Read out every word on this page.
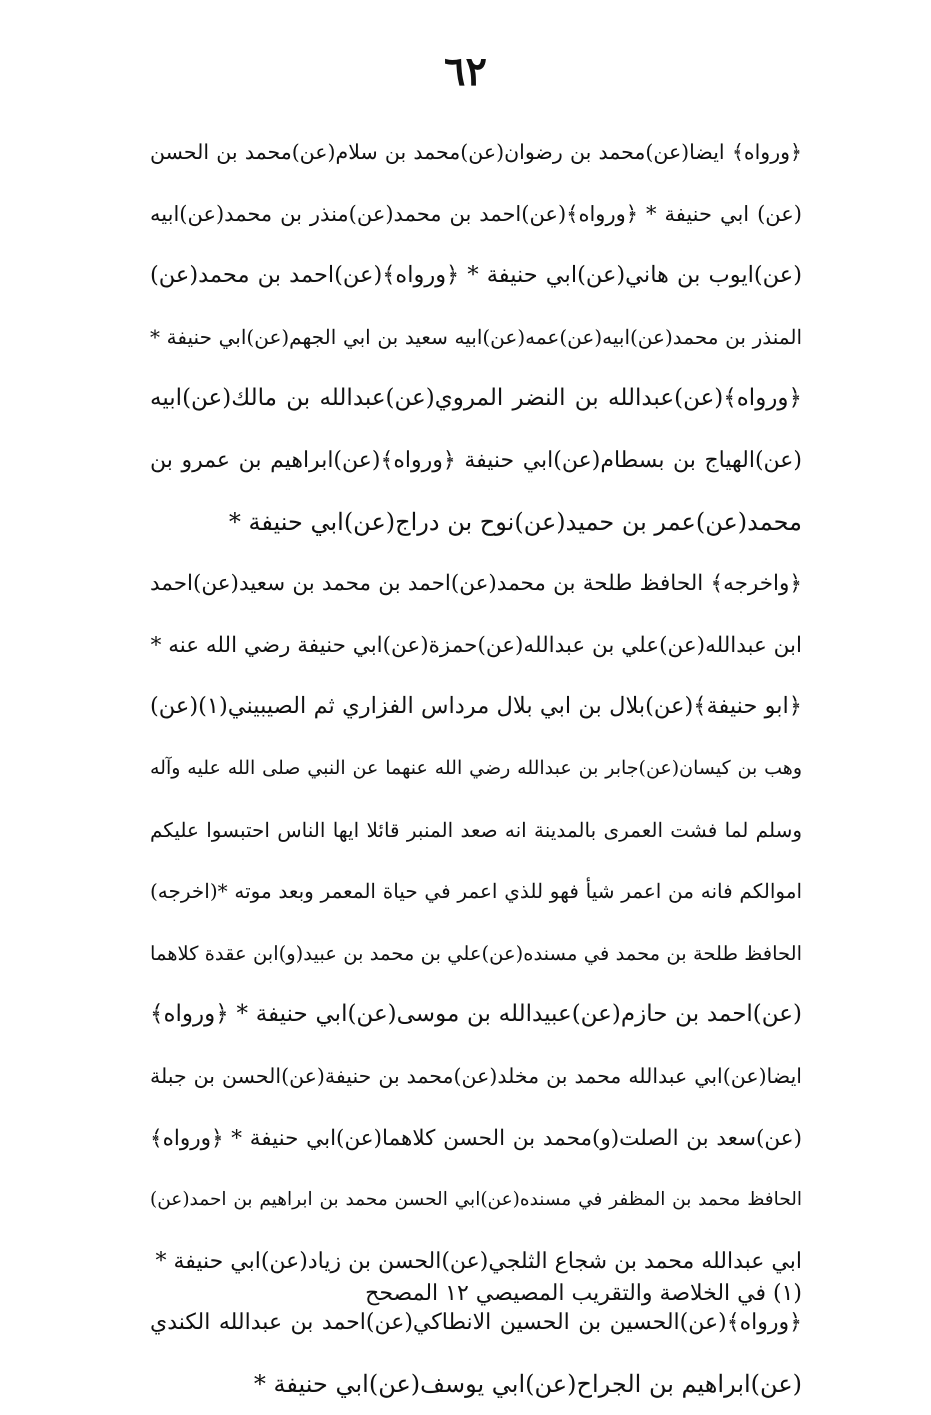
٦٢
﴿ورواه﴾ ايضا(عن)محمد بن رضوان(عن)محمد بن سلام(عن)محمد بن الحسن
(عن) ابي حنيفة * ﴿ورواه﴾(عن)احمد بن محمد(عن)منذر بن محمد(عن)ابيه
(عن)ايوب بن هاني(عن)ابي حنيفة * ﴿ورواه﴾(عن)احمد بن محمد(عن)
المنذر بن محمد(عن)ابيه(عن)عمه(عن)ابيه سعيد بن ابي الجهم(عن)ابي حنيفة *
﴿ورواه﴾(عن)عبدالله بن النضر المروي(عن)عبدالله بن مالك(عن)ابيه
(عن)الهياج بن بسطام(عن)ابي حنيفة ﴿ورواه﴾(عن)ابراهيم بن عمرو بن
محمد(عن)عمر بن حميد(عن)نوح بن دراج(عن)ابي حنيفة *
﴿واخرجه﴾ الحافظ طلحة بن محمد(عن)احمد بن محمد بن سعيد(عن)احمد
ابن عبدالله(عن)علي بن عبدالله(عن)حمزة(عن)ابي حنيفة رضي الله عنه *
﴿ابو حنيفة﴾(عن)بلال بن ابي بلال مرداس الفزاري ثم الصيبيني(١)(عن)
وهب بن كيسان(عن)جابر بن عبدالله رضي الله عنهما عن النبي صلى الله عليه وآله
وسلم لما فشت العمرى بالمدينة انه صعد المنبر قائلا ايها الناس احتبسوا عليكم
اموالكم فانه من اعمر شيأ فهو للذي اعمر في حياة المعمر وبعد موته *(اخرجه)
الحافظ طلحة بن محمد في مسنده(عن)علي بن محمد بن عبيد(و)ابن عقدة كلاهما
(عن)احمد بن حازم(عن)عبيدالله بن موسى(عن)ابي حنيفة * ﴿ورواه﴾
ايضا(عن)ابي عبدالله محمد بن مخلد(عن)محمد بن حنيفة(عن)الحسن بن جبلة
(عن)سعد بن الصلت(و)محمد بن الحسن كلاهما(عن)ابي حنيفة * ﴿ورواه﴾
الحافظ محمد بن المظفر في مسنده(عن)ابي الحسن محمد بن ابراهيم بن احمد(عن)
ابي عبدالله محمد بن شجاع الثلجي(عن)الحسن بن زياد(عن)ابي حنيفة *
﴿ورواه﴾(عن)الحسين بن الحسين الانطاكي(عن)احمد بن عبدالله الكندي
(عن)ابراهيم بن الجراح(عن)ابي يوسف(عن)ابي حنيفة *
(١) في الخلاصة والتقريب المصيصي ١٢ المصحح
